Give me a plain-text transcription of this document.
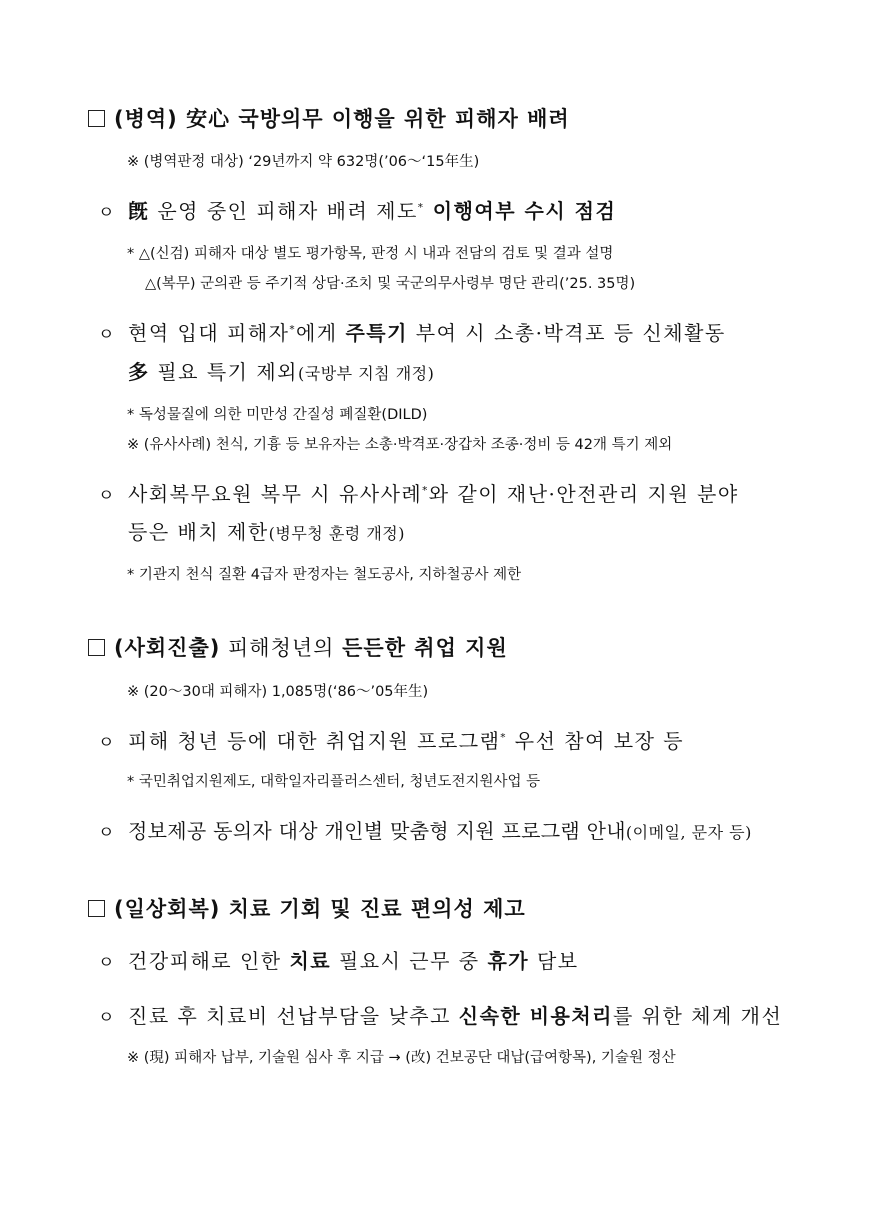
(병역) 安心 국방의무 이행을 위한 피해자 배려
※ (병역판정 대상) ‘29년까지 약 632명(’06～‘15年生)
ㅇ 旣 운영 중인 피해자 배려 제도* 이행여부 수시 점검
* △(신검) 피해자 대상 별도 평가항목, 판정 시 내과 전담의 검토 및 결과 설명
△(복무) 군의관 등 주기적 상담·조치 및 국군의무사령부 명단 관리(’25. 35명)
ㅇ 현역 입대 피해자*에게 주특기 부여 시 소총·박격포 등 신체활동
多 필요 특기 제외(국방부 지침 개정)
* 독성물질에 의한 미만성 간질성 폐질환(DILD)
※ (유사사례) 천식, 기흉 등 보유자는 소총·박격포·장갑차 조종·정비 등 42개 특기 제외
ㅇ 사회복무요원 복무 시 유사사례*와 같이 재난·안전관리 지원 분야
등은 배치 제한(병무청 훈령 개정)
* 기관지 천식 질환 4급자 판정자는 철도공사, 지하철공사 제한
(사회진출) 피해청년의 든든한 취업 지원
※ (20～30대 피해자) 1,085명(‘86～’05年生)
ㅇ 피해 청년 등에 대한 취업지원 프로그램* 우선 참여 보장 등
* 국민취업지원제도, 대학일자리플러스센터, 청년도전지원사업 등
ㅇ 정보제공 동의자 대상 개인별 맞춤형 지원 프로그램 안내(이메일, 문자 등)
(일상회복) 치료 기회 및 진료 편의성 제고
ㅇ 건강피해로 인한 치료 필요시 근무 중 휴가 담보
ㅇ 진료 후 치료비 선납부담을 낮추고 신속한 비용처리를 위한 체계 개선
※ (現) 피해자 납부, 기술원 심사 후 지급 → (改) 건보공단 대납(급여항목), 기술원 정산
